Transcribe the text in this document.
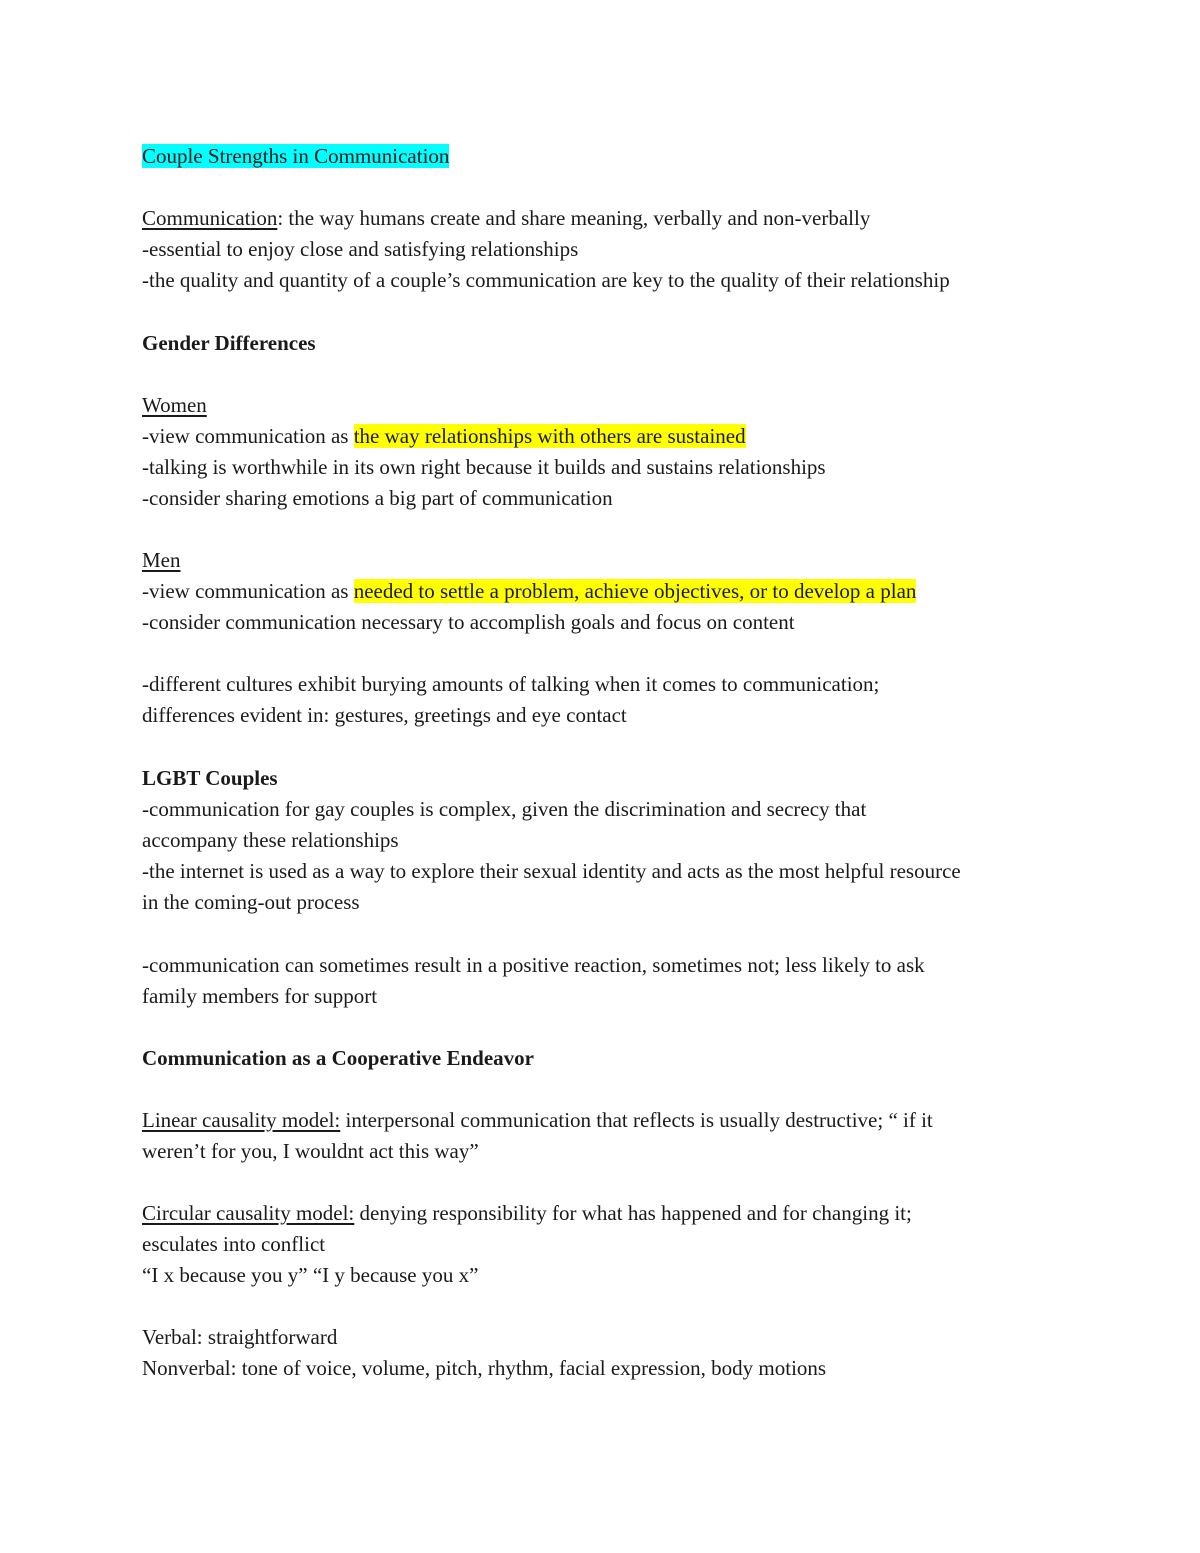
Couple Strengths in Communication
Communication: the way humans create and share meaning, verbally and non-verbally
-essential to enjoy close and satisfying relationships
-the quality and quantity of a couple’s communication are key to the quality of their relationship
Gender Differences
Women
-view communication as the way relationships with others are sustained
-talking is worthwhile in its own right because it builds and sustains relationships
-consider sharing emotions a big part of communication
Men
-view communication as needed to settle a problem, achieve objectives, or to develop a plan
-consider communication necessary to accomplish goals and focus on content
-different cultures exhibit burying amounts of talking when it comes to communication;
differences evident in: gestures, greetings and eye contact
LGBT Couples
-communication for gay couples is complex, given the discrimination and secrecy that
accompany these relationships
-the internet is used as a way to explore their sexual identity and acts as the most helpful resource
in the coming-out process
-communication can sometimes result in a positive reaction, sometimes not; less likely to ask
family members for support
Communication as a Cooperative Endeavor
Linear causality model: interpersonal communication that reflects is usually destructive; “ if it
weren’t for you, I wouldnt act this way”
Circular causality model: denying responsibility for what has happened and for changing it;
esculates into conflict
“I x because you y” “I y because you x”
Verbal: straightforward
Nonverbal: tone of voice, volume, pitch, rhythm, facial expression, body motions
